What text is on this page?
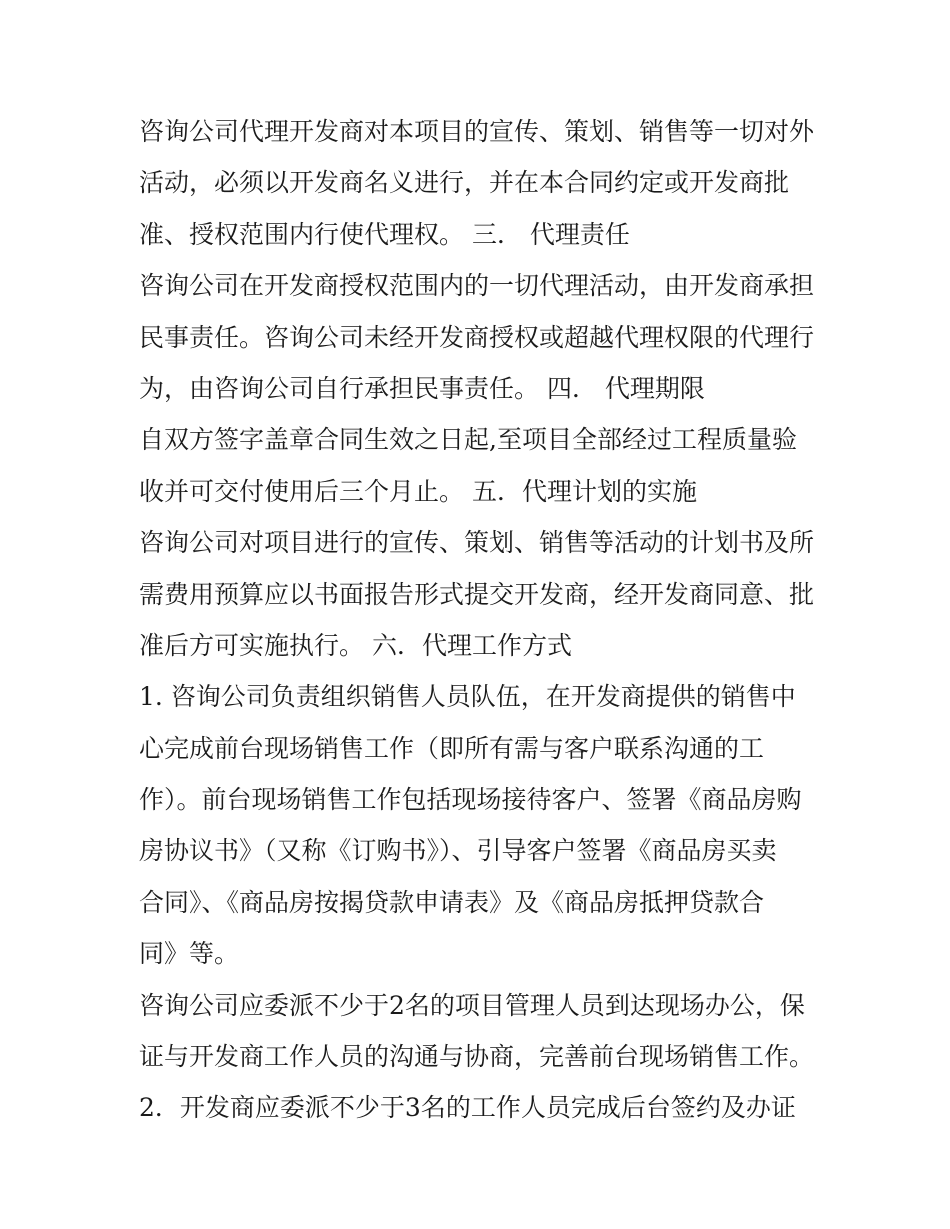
咨询公司代理开发商对本项目的宣传、策划、销售等一切对外
活动，必须以开发商名义进行，并在本合同约定或开发商批
准、授权范围内行使代理权。 三． 代理责任
咨询公司在开发商授权范围内的一切代理活动，由开发商承担
民事责任。咨询公司未经开发商授权或超越代理权限的代理行
为，由咨询公司自行承担民事责任。 四． 代理期限
自双方签字盖章合同生效之日起,至项目全部经过工程质量验
收并可交付使用后三个月止。 五．代理计划的实施
咨询公司对项目进行的宣传、策划、销售等活动的计划书及所
需费用预算应以书面报告形式提交开发商，经开发商同意、批
准后方可实施执行。 六．代理工作方式
1. 咨询公司负责组织销售人员队伍，在开发商提供的销售中
心完成前台现场销售工作（即所有需与客户联系沟通的工
作）。前台现场销售工作包括现场接待客户、签署《商品房购
房协议书》（又称《订购书》）、引导客户签署《商品房买卖
合同》、《商品房按揭贷款申请表》及《商品房抵押贷款合
同》等。
咨询公司应委派不少于2名的项目管理人员到达现场办公，保
证与开发商工作人员的沟通与协商，完善前台现场销售工作。
2．开发商应委派不少于3名的工作人员完成后台签约及办证
